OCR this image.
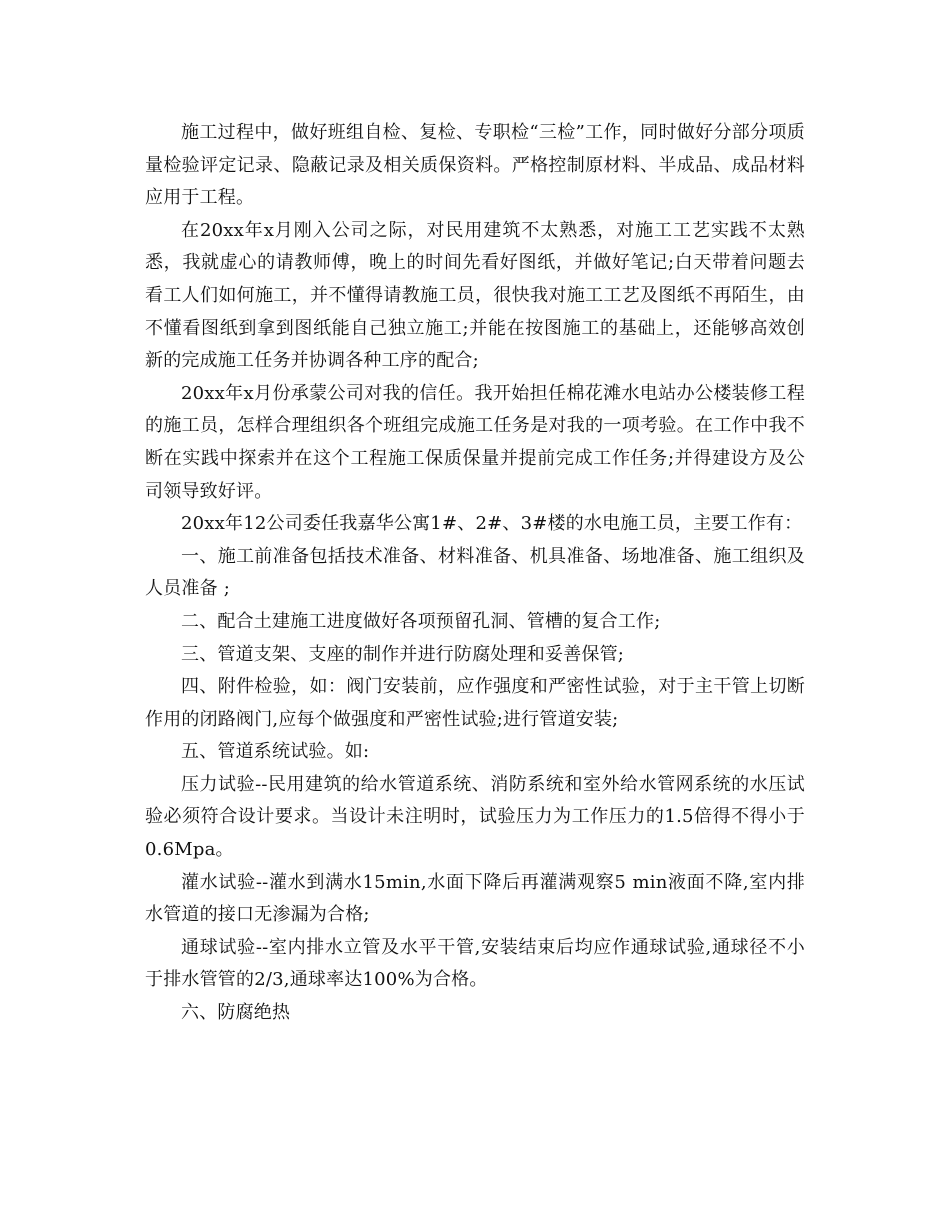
施工过程中，做好班组自检、复检、专职检“三检”工作，同时做好分部分项质量检验评定记录、隐蔽记录及相关质保资料。严格控制原材料、半成品、成品材料应用于工程。

在20xx年x月刚入公司之际，对民用建筑不太熟悉，对施工工艺实践不太熟悉，我就虚心的请教师傅，晚上的时间先看好图纸，并做好笔记;白天带着问题去看工人们如何施工，并不懂得请教施工员，很快我对施工工艺及图纸不再陌生，由不懂看图纸到拿到图纸能自己独立施工;并能在按图施工的基础上，还能够高效创新的完成施工任务并协调各种工序的配合;

20xx年x月份承蒙公司对我的信任。我开始担任棉花滩水电站办公楼装修工程的施工员，怎样合理组织各个班组完成施工任务是对我的一项考验。在工作中我不断在实践中探索并在这个工程施工保质保量并提前完成工作任务;并得建设方及公司领导致好评。

20xx年12公司委任我嘉华公寓1#、2#、3#楼的水电施工员，主要工作有：

一、施工前准备包括技术准备、材料准备、机具准备、场地准备、施工组织及人员准备 ;

二、配合土建施工进度做好各项预留孔洞、管槽的复合工作;

三、管道支架、支座的制作并进行防腐处理和妥善保管;

四、附件检验，如：阀门安装前，应作强度和严密性试验，对于主干管上切断作用的闭路阀门,应每个做强度和严密性试验;进行管道安装;

五、管道系统试验。如:

压力试验--民用建筑的给水管道系统、消防系统和室外给水管网系统的水压试验必须符合设计要求。当设计未注明时，试验压力为工作压力的1.5倍得不得小于0.6Mpa。

灌水试验--灌水到满水15min,水面下降后再灌满观察5 min液面不降,室内排水管道的接口无渗漏为合格;

通球试验--室内排水立管及水平干管,安装结束后均应作通球试验,通球径不小于排水管管的2/3,通球率达100%为合格。

六、防腐绝热
